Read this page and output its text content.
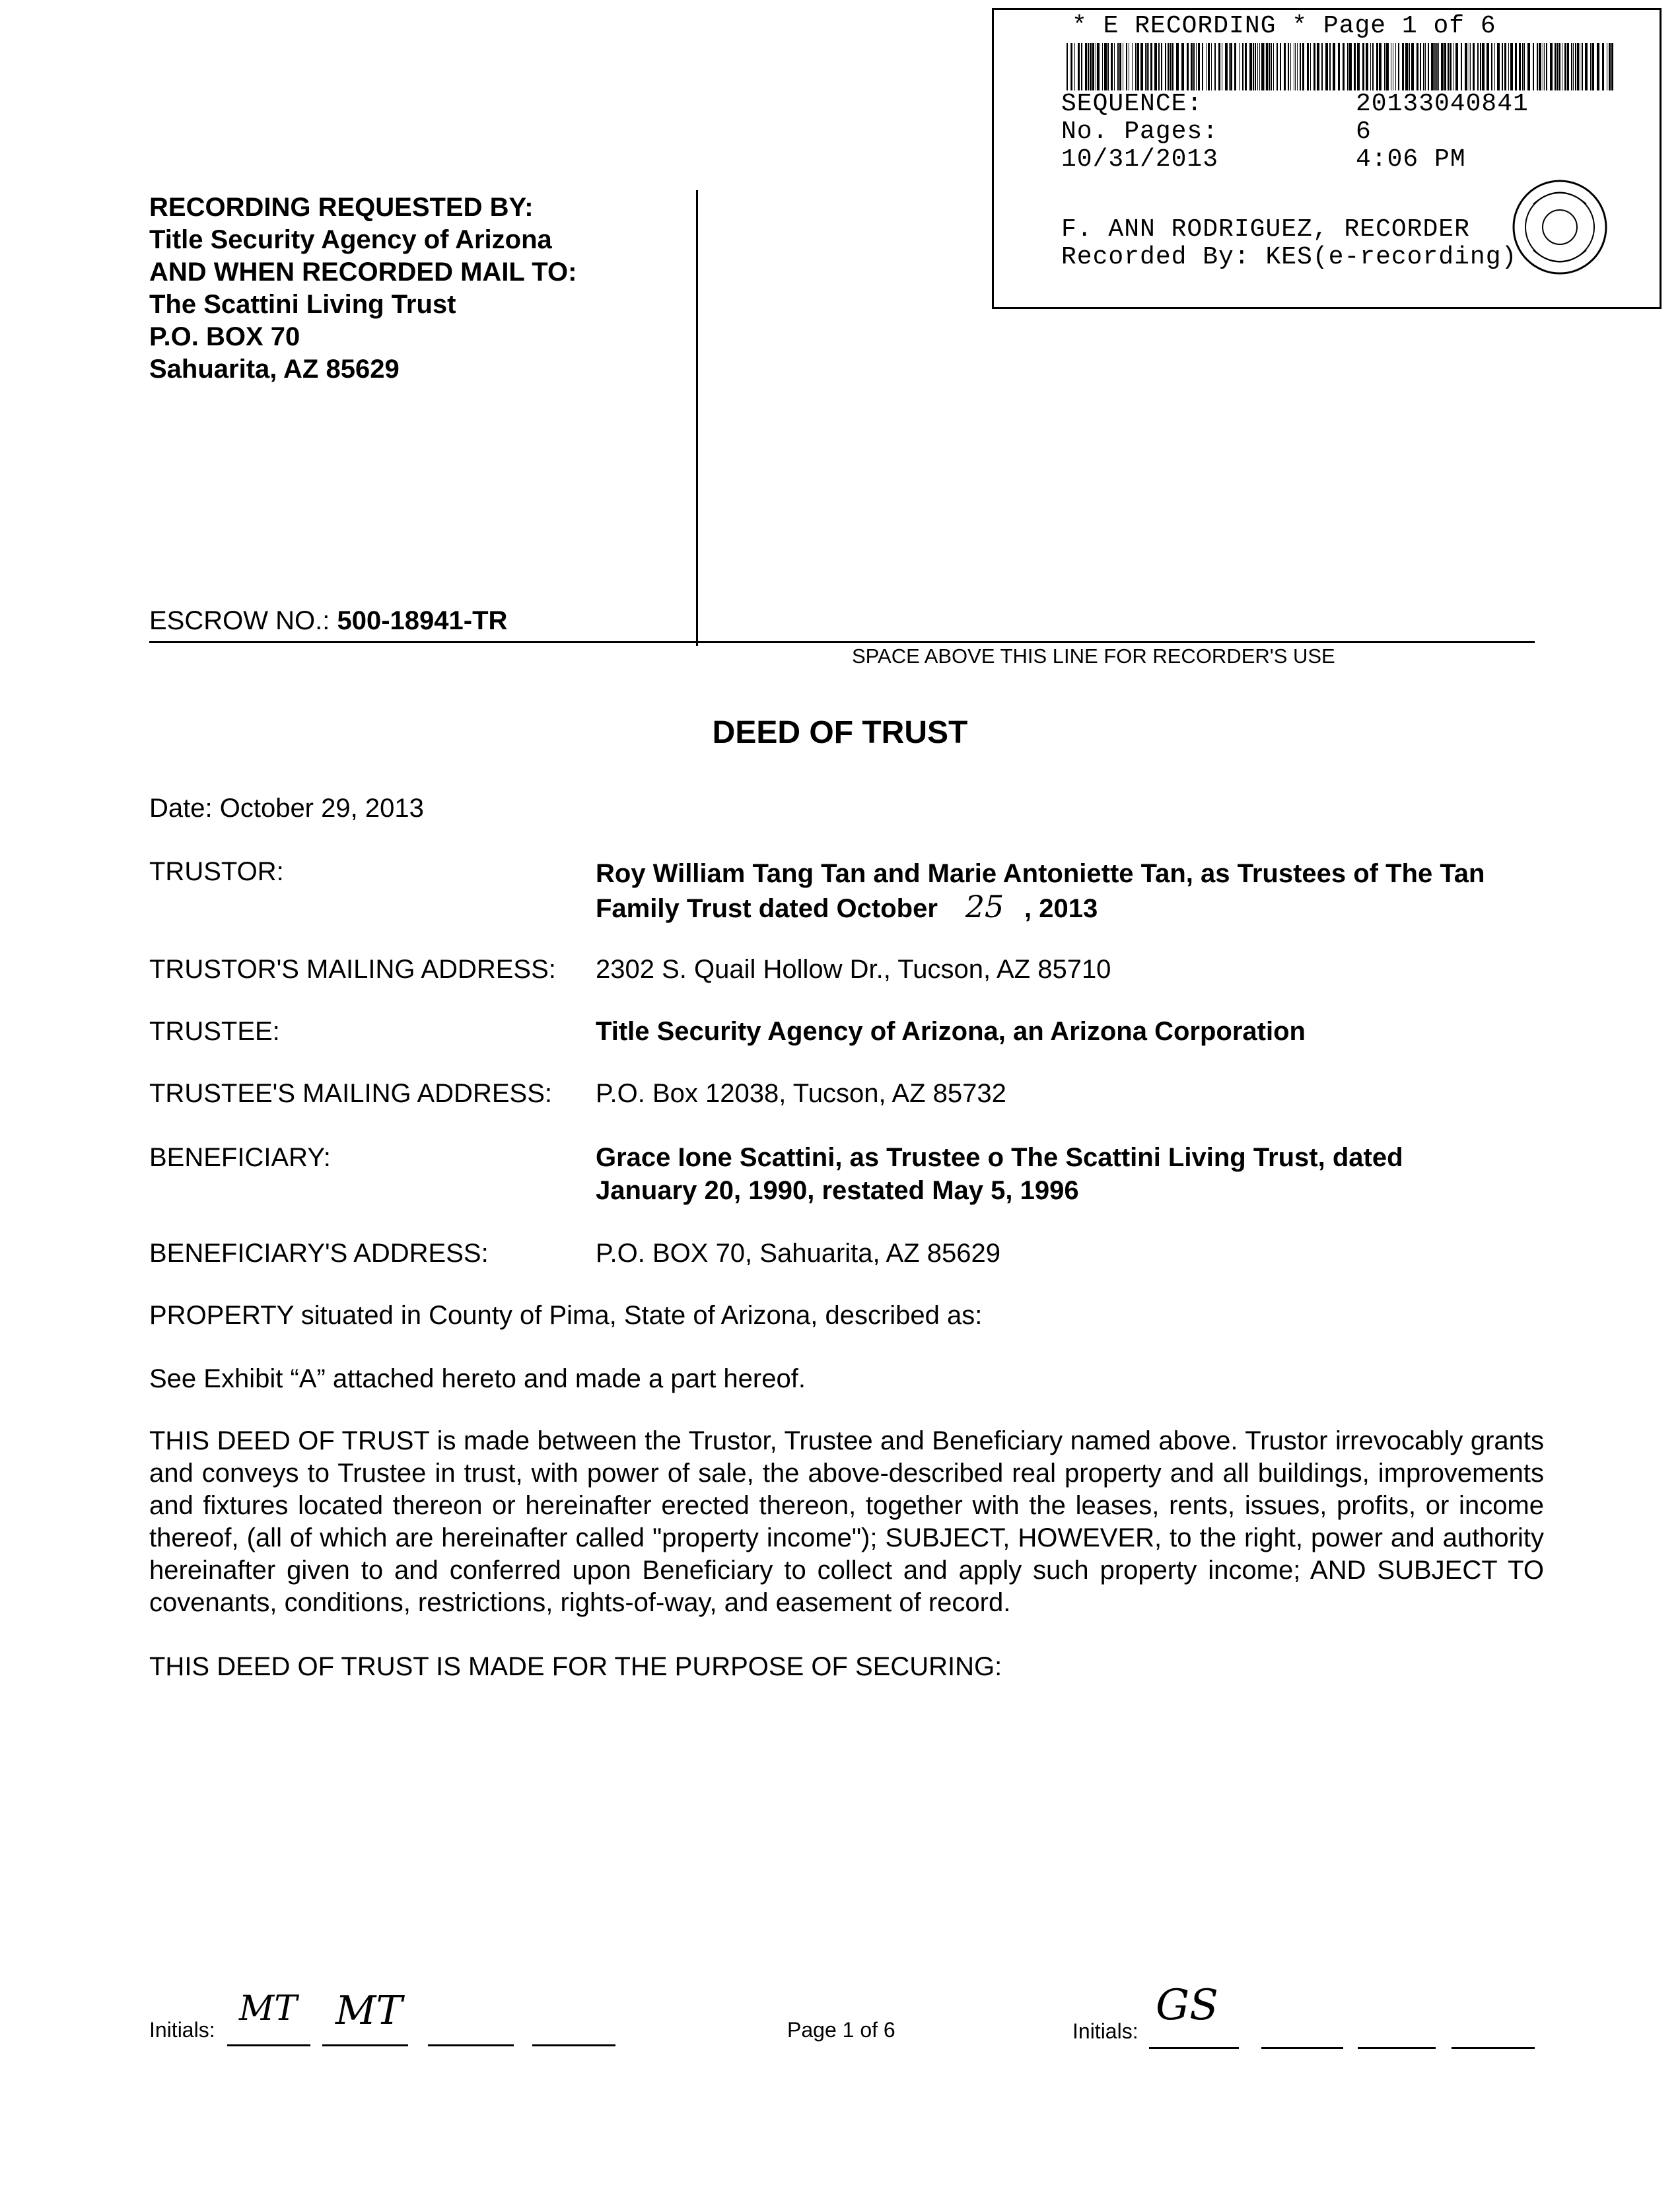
* E RECORDING * Page 1 of 6
SEQUENCE:	20133040841
No. Pages:	6
10/31/2013	4:06 PM
F. ANN RODRIGUEZ, RECORDER
Recorded By: KES(e-recording)
RECORDING REQUESTED BY:
Title Security Agency of Arizona
AND WHEN RECORDED MAIL TO:
The Scattini Living Trust
P.O. BOX 70
Sahuarita, AZ 85629
ESCROW NO.: 500-18941-TR
SPACE ABOVE THIS LINE FOR RECORDER'S USE
DEED OF TRUST
Date: October 29, 2013
TRUSTOR:	Roy William Tang Tan and Marie Antoniette Tan, as Trustees of The Tan
Family Trust dated October 25 , 2013
TRUSTOR'S MAILING ADDRESS: 2302 S. Quail Hollow Dr., Tucson, AZ 85710
TRUSTEE:	Title Security Agency of Arizona, an Arizona Corporation
TRUSTEE'S MAILING ADDRESS: P.O. Box 12038, Tucson, AZ 85732
BENEFICIARY:	Grace Ione Scattini, as Trustee o The Scattini Living Trust, dated
January 20, 1990, restated May 5, 1996
BENEFICIARY'S ADDRESS:	P.O. BOX 70, Sahuarita, AZ 85629
PROPERTY situated in County of Pima, State of Arizona, described as:
See Exhibit “A” attached hereto and made a part hereof.
THIS DEED OF TRUST is made between the Trustor, Trustee and Beneficiary named above. Trustor irrevocably grants and conveys to Trustee in trust, with power of sale, the above-described real property and all buildings, improvements and fixtures located thereon or hereinafter erected thereon, together with the leases, rents, issues, profits, or income thereof, (all of which are hereinafter called "property income"); SUBJECT, HOWEVER, to the right, power and authority hereinafter given to and conferred upon Beneficiary to collect and apply such property income; AND SUBJECT TO covenants, conditions, restrictions, rights-of-way, and easement of record.
THIS DEED OF TRUST IS MADE FOR THE PURPOSE OF SECURING:
Initials:
MT MT	Page 1 of 6	Initials:
GS
